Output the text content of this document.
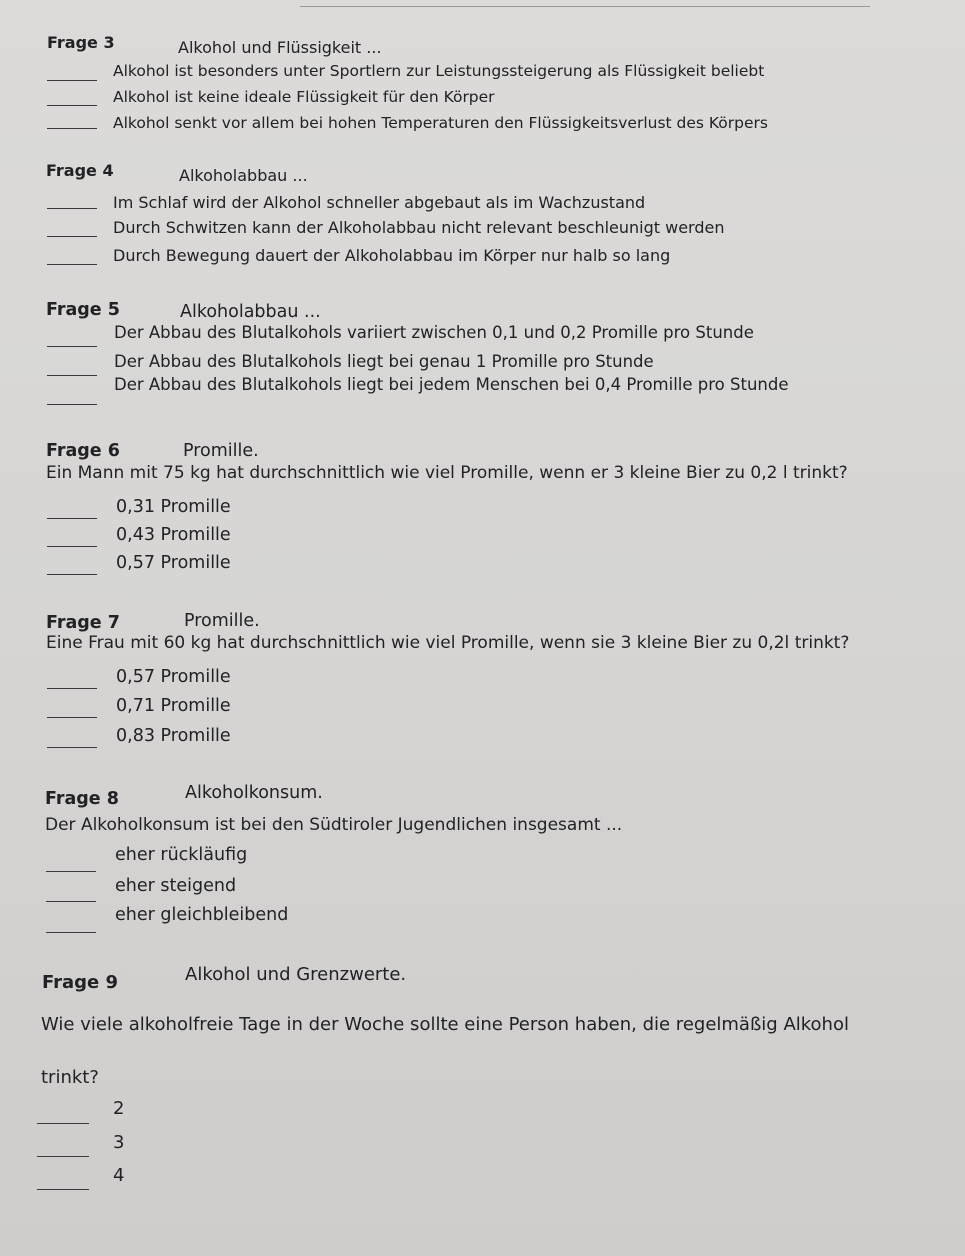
Frage 3	Alkohol und Flüssigkeit ...
Alkohol ist besonders unter Sportlern zur Leistungssteigerung als Flüssigkeit beliebt
Alkohol ist keine ideale Flüssigkeit für den Körper
Alkohol senkt vor allem bei hohen Temperaturen den Flüssigkeitsverlust des Körpers
Frage 4	Alkoholabbau ...
Im Schlaf wird der Alkohol schneller abgebaut als im Wachzustand
Durch Schwitzen kann der Alkoholabbau nicht relevant beschleunigt werden
Durch Bewegung dauert der Alkoholabbau im Körper nur halb so lang
Frage 5	Alkoholabbau ...
Der Abbau des Blutalkohols variiert zwischen 0,1 und 0,2 Promille pro Stunde
Der Abbau des Blutalkohols liegt bei genau 1 Promille pro Stunde
Der Abbau des Blutalkohols liegt bei jedem Menschen bei 0,4 Promille pro Stunde
Frage 6	Promille.
Ein Mann mit 75 kg hat durchschnittlich wie viel Promille, wenn er 3 kleine Bier zu 0,2 l trinkt?
0,31 Promille
0,43 Promille
0,57 Promille
Frage 7	Promille.
Eine Frau mit 60 kg hat durchschnittlich wie viel Promille, wenn sie 3 kleine Bier zu 0,2l trinkt?
0,57 Promille
0,71 Promille
0,83 Promille
Frage 8	Alkoholkonsum.
Der Alkoholkonsum ist bei den Südtiroler Jugendlichen insgesamt ...
eher rückläufig
eher steigend
eher gleichbleibend
Frage 9	Alkohol und Grenzwerte.
Wie viele alkoholfreie Tage in der Woche sollte eine Person haben, die regelmäßig Alkohol
trinkt?
2
3
4
